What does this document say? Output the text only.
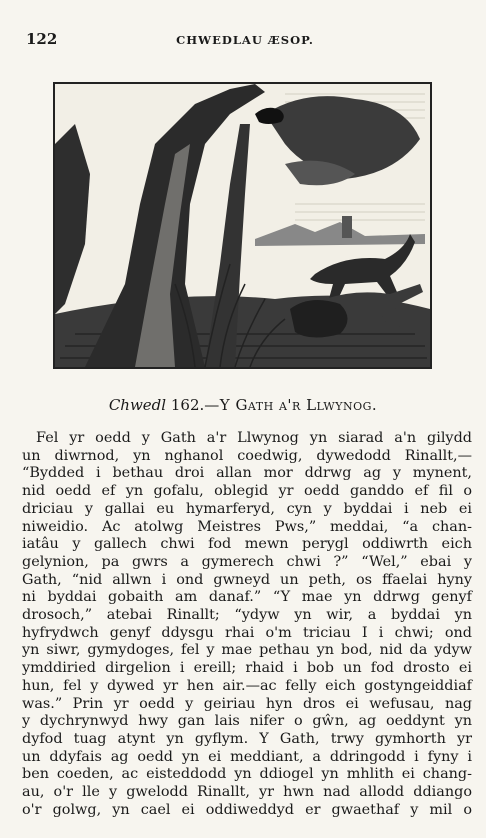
122	CHWEDLAU ÆSOP.
Chwedl 162.—Y Gath a'r Llwynog.
Fel yr oedd y Gath a'r Llwynog yn siarad a'n gilydd
un diwrnod, yn nghanol coedwig, dywedodd Rinallt,—
“Bydded i bethau droi allan mor ddrwg ag y mynent,
nid oedd ef yn gofalu, oblegid yr oedd ganddo ef fil o
driciau y gallai eu hymarferyd, cyn y byddai i neb ei
niweidio. Ac atolwg Meistres Pws,” meddai, “a chan-
iatâu y gallech chwi fod mewn perygl oddiwrth eich
gelynion, pa gwrs a gymerech chwi ?” “Wel,” ebai y
Gath, “nid allwn i ond gwneyd un peth, os ffaelai hyny
ni byddai gobaith am danaf.” “Y mae yn ddrwg genyf
drosoch,” atebai Rinallt; “ydyw yn wir, a byddai yn
hyfrydwch genyf ddysgu rhai o'm triciau I i chwi; ond
yn siwr, gymydoges, fel y mae pethau yn bod, nid da ydyw
ymddiried dirgelion i ereill; rhaid i bob un fod drosto ei
hun, fel y dywed yr hen air.—ac felly eich gostyngeiddiaf
was.” Prin yr oedd y geiriau hyn dros ei wefusau, nag
y dychrynwyd hwy gan lais nifer o gŵn, ag oeddynt yn
dyfod tuag atynt yn gyflym. Y Gath, trwy gymhorth yr
un ddyfais ag oedd yn ei meddiant, a ddringodd i fyny i
ben coeden, ac eisteddodd yn ddiogel yn mhlith ei chang-
au, o'r lle y gwelodd Rinallt, yr hwn nad allodd ddiango
o'r golwg, yn cael ei oddiweddyd er gwaethaf y mil o
